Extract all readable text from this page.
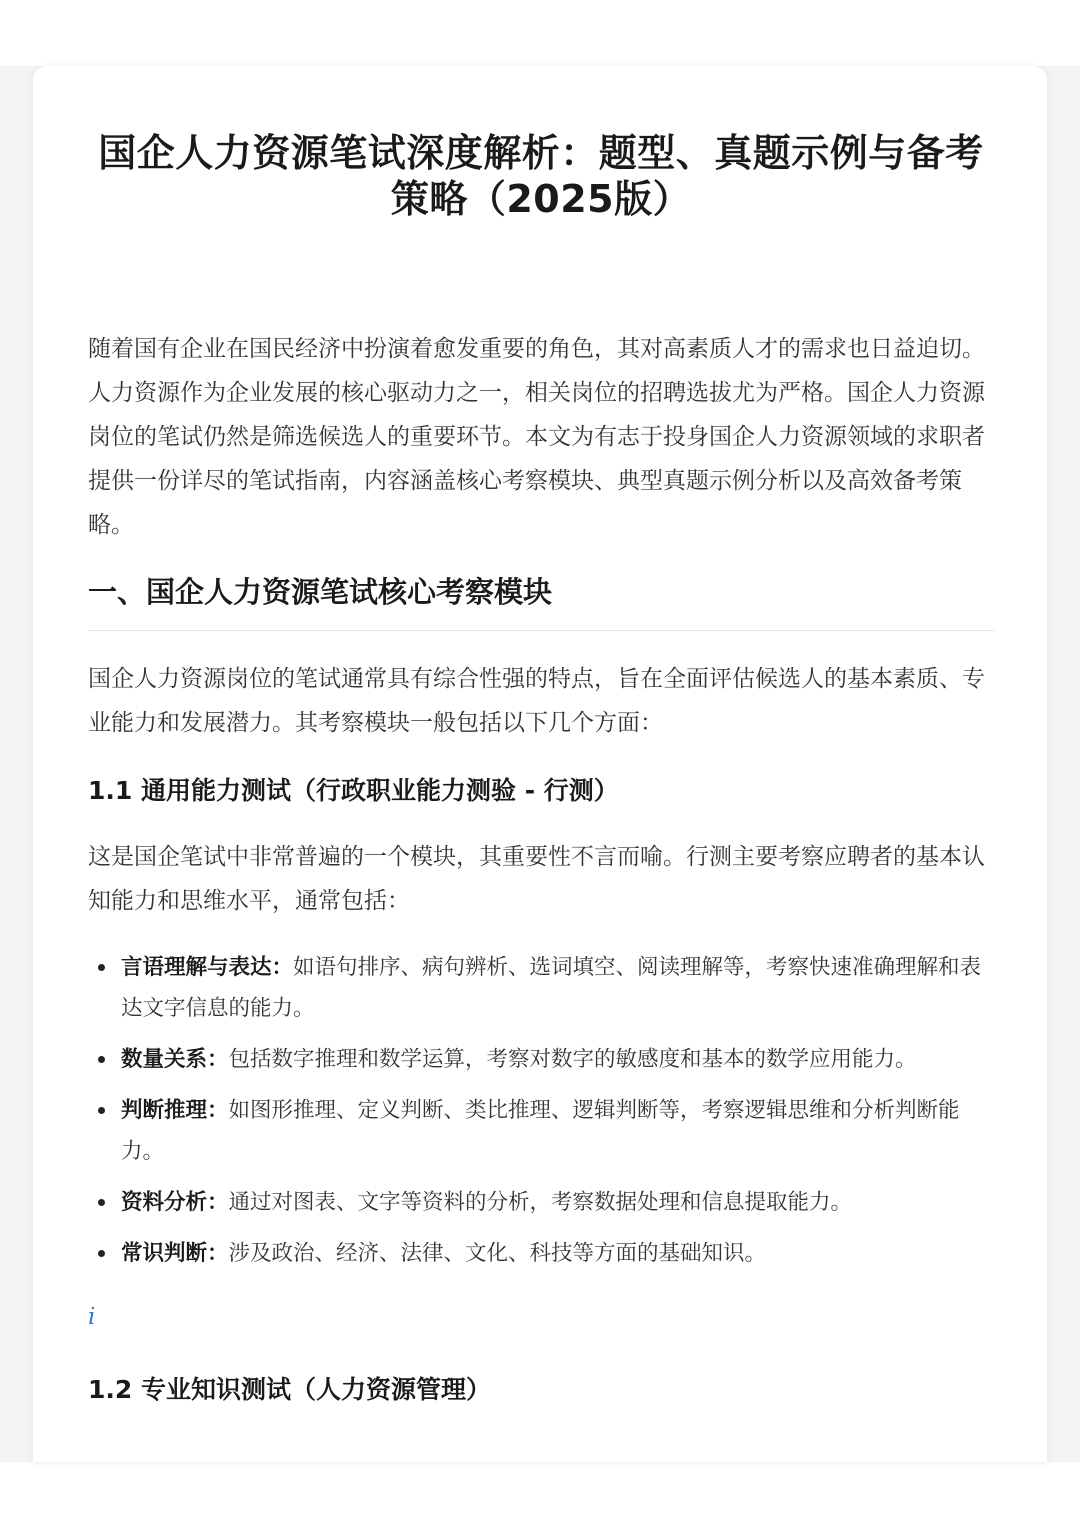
国企人力资源笔试深度解析：题型、真题示例与备考策略（2025版）

随着国有企业在国民经济中扮演着愈发重要的角色，其对高素质人才的需求也日益迫切。人力资源作为企业发展的核心驱动力之一，相关岗位的招聘选拔尤为严格。国企人力资源岗位的笔试仍然是筛选候选人的重要环节。本文为有志于投身国企人力资源领域的求职者提供一份详尽的笔试指南，内容涵盖核心考察模块、典型真题示例分析以及高效备考策略。

一、国企人力资源笔试核心考察模块

国企人力资源岗位的笔试通常具有综合性强的特点，旨在全面评估候选人的基本素质、专业能力和发展潜力。其考察模块一般包括以下几个方面：

1.1 通用能力测试（行政职业能力测验 - 行测）

这是国企笔试中非常普遍的一个模块，其重要性不言而喻。行测主要考察应聘者的基本认知能力和思维水平，通常包括：

言语理解与表达：如语句排序、病句辨析、选词填空、阅读理解等，考察快速准确理解和表达文字信息的能力。
数量关系：包括数字推理和数学运算，考察对数字的敏感度和基本的数学应用能力。
判断推理：如图形推理、定义判断、类比推理、逻辑判断等，考察逻辑思维和分析判断能力。
资料分析：通过对图表、文字等资料的分析，考察数据处理和信息提取能力。
常识判断：涉及政治、经济、法律、文化、科技等方面的基础知识。
i
1.2 专业知识测试（人力资源管理）
